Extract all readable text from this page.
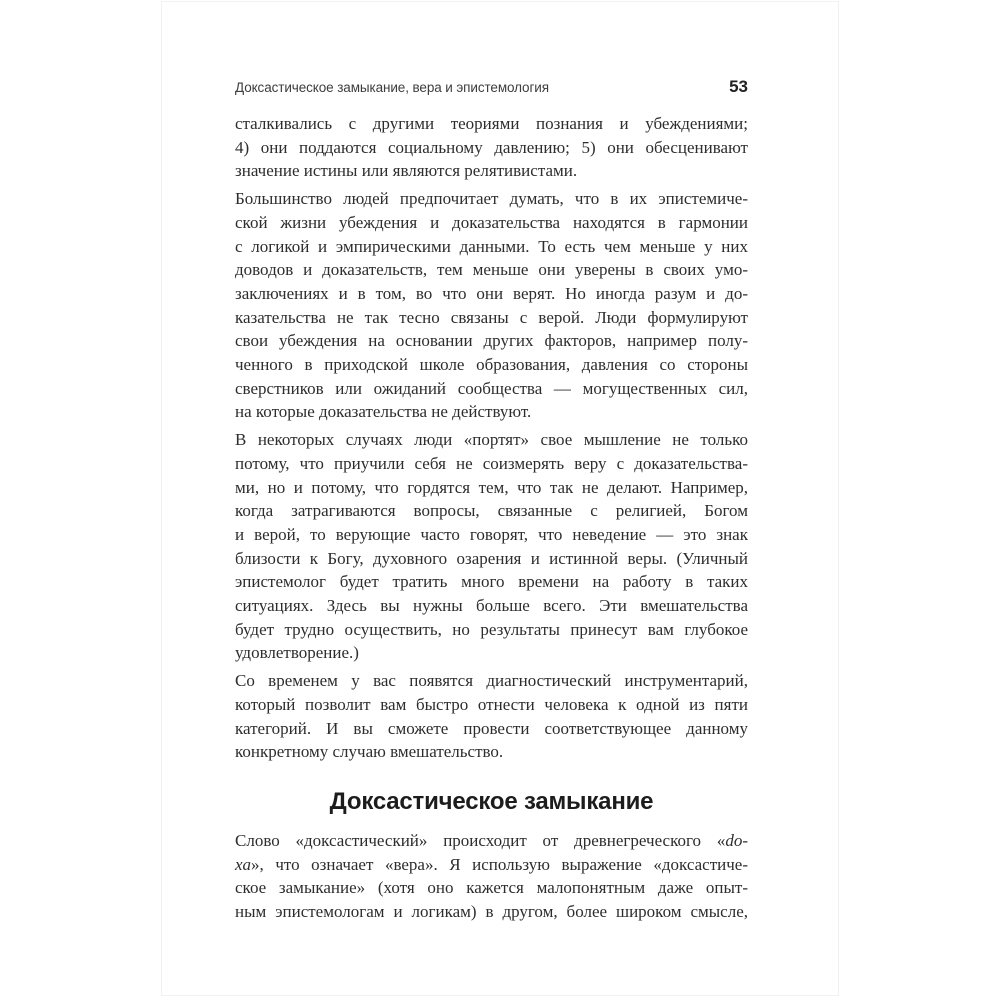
Доксастическое замыкание, вера и эпистемология	53
сталкивались с другими теориями познания и убеждениями;
4) они поддаются социальному давлению; 5) они обесценивают
значение истины или являются релятивистами.
Большинство людей предпочитает думать, что в их эпистемиче-
ской жизни убеждения и доказательства находятся в гармонии
с логикой и эмпирическими данными. То есть чем меньше у них
доводов и доказательств, тем меньше они уверены в своих умо-
заключениях и в том, во что они верят. Но иногда разум и до-
казательства не так тесно связаны с верой. Люди формулируют
свои убеждения на основании других факторов, например полу-
ченного в приходской школе образования, давления со стороны
сверстников или ожиданий сообщества — могущественных сил,
на которые доказательства не действуют.
В некоторых случаях люди «портят» свое мышление не только
потому, что приучили себя не соизмерять веру с доказательства-
ми, но и потому, что гордятся тем, что так не делают. Например,
когда затрагиваются вопросы, связанные с религией, Богом
и верой, то верующие часто говорят, что неведение — это знак
близости к Богу, духовного озарения и истинной веры. (Уличный
эпистемолог будет тратить много времени на работу в таких
ситуациях. Здесь вы нужны больше всего. Эти вмешательства
будет трудно осуществить, но результаты принесут вам глубокое
удовлетворение.)
Со временем у вас появятся диагностический инструментарий,
который позволит вам быстро отнести человека к одной из пяти
категорий. И вы сможете провести соответствующее данному
конкретному случаю вмешательство.
Доксастическое замыкание
Слово «доксастический» происходит от древнегреческого «do-
xa», что означает «вера». Я использую выражение «доксастиче-
ское замыкание» (хотя оно кажется малопонятным даже опыт-
ным эпистемологам и логикам) в другом, более широком смысле,
